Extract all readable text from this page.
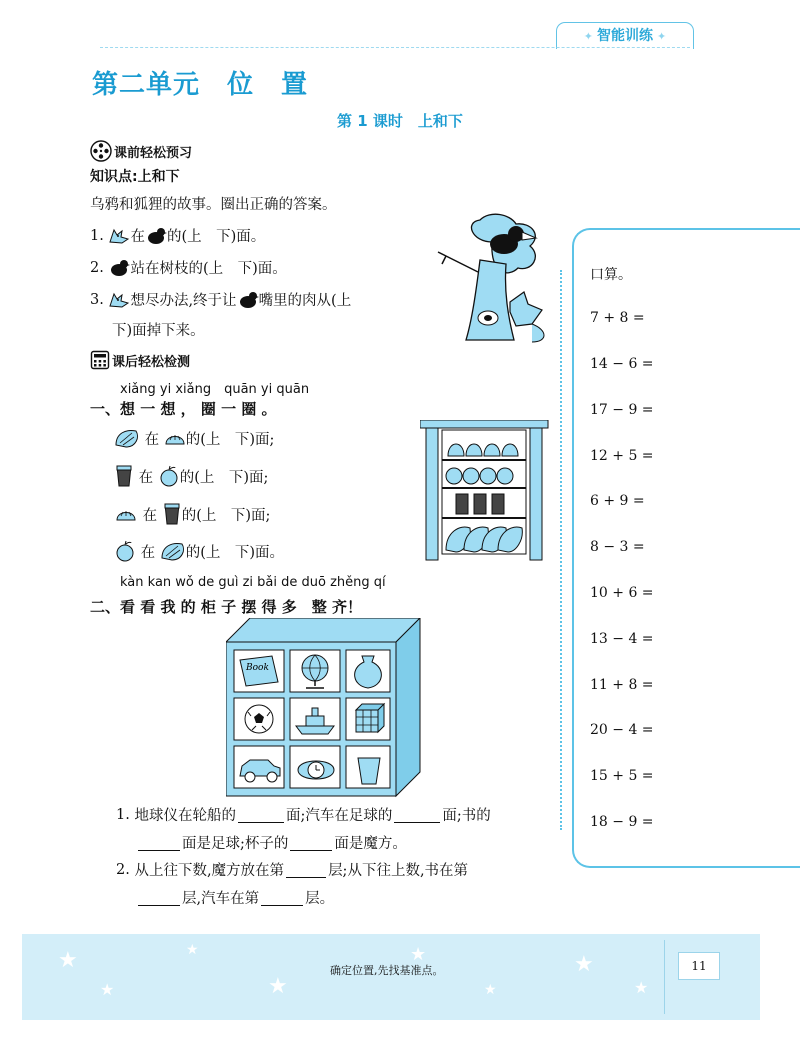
✦ 智能训练 ✦
第二单元　位　置
第 1 课时　上和下
课前轻松预习
知识点:上和下
乌鸦和狐狸的故事。圈出正确的答案。
1.
在 的(上　下)面。
2.
站在树枝的(上　下)面。
3.
想尽办法,终于让 嘴里的肉从(上
下)面掉下来。
课后轻松检测
xiǎng yi xiǎng　quān yi quān
一、想 一 想 ， 圈 一 圈 。

在
的(上　下)面;

在
的(上　下)面;

在
的(上　下)面;

在
的(上　下)面。
kàn kan wǒ de guì zi bǎi de duō zhěng qí
二、看 看 我 的 柜 子 摆 得 多　整 齐！
Book
1.
地球仪在轮船的	面;汽车在足球的	面;书的
面是足球;杯子的	面是魔方。
2.
从上往下数,魔方放在第	层;从下往上数,书在第
层,汽车在第	层。
口算。
7 + 8 =
14 − 6 =
17 − 9 =
12 + 5 =
6 + 9 =
8 − 3 =
10 + 6 =
13 − 4 =
11 + 8 =
20 − 4 =
15 + 5 =
18 − 9 =
★
★
★
★
★
★
★
★
确定位置,先找基准点。	11
